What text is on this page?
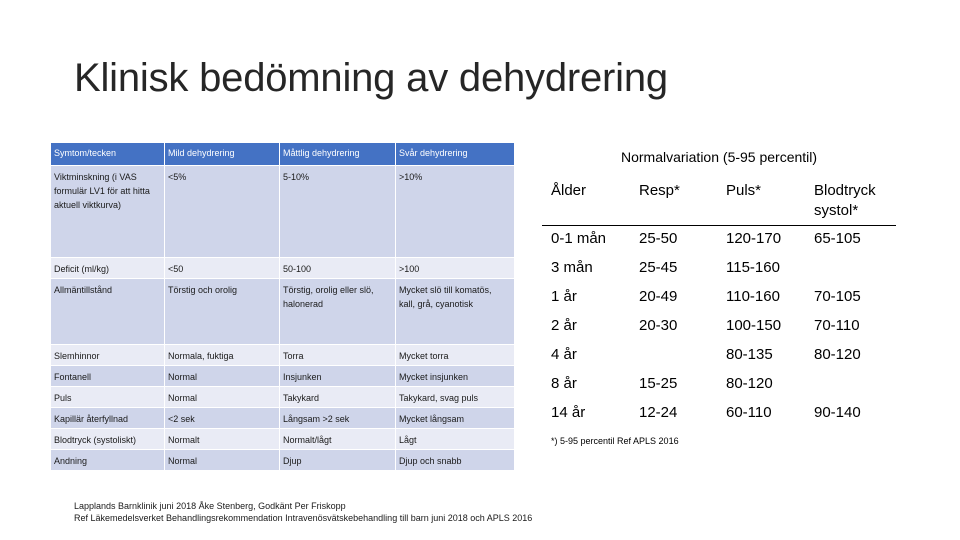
Klinisk bedömning av dehydrering
Symtom/tecken	Mild dehydrering	Måttlig dehydrering	Svår dehydrering
Viktminskning (i VAS formulär LV1 för att hitta aktuell viktkurva)	<5%	5-10%	>10%
Deficit (ml/kg)	<50	50-100	>100
Allmäntillstånd	Törstig och orolig	Törstig, orolig eller slö, halonerad	Mycket slö till komatös, kall, grå, cyanotisk
Slemhinnor	Normala, fuktiga	Torra	Mycket torra
Fontanell	Normal	Insjunken	Mycket insjunken
Puls	Normal	Takykard	Takykard, svag puls
Kapillär återfyllnad	<2 sek	Långsam >2 sek	Mycket långsam
Blodtryck (systoliskt)	Normalt	Normalt/lågt	Lågt
Andning	Normal	Djup	Djup och snabb
Normalvariation (5-95 percentil)			
Ålder	Resp*	Puls*	Blodtryck systol*
0-1 mån	25-50	120-170	65-105
3 mån	25-45	115-160	
1 år	20-49	110-160	70-105
2 år	20-30	100-150	70-110
4 år		80-135	80-120
8 år	15-25	80-120	
14 år	12-24	60-110	90-140
*) 5-95 percentil Ref APLS 2016			
Lapplands Barnklinik juni 2018 Åke Stenberg, Godkänt Per Friskopp
Ref Läkemedelsverket Behandlingsrekommendation Intravenösvätskebehandling till barn juni 2018 och APLS 2016
